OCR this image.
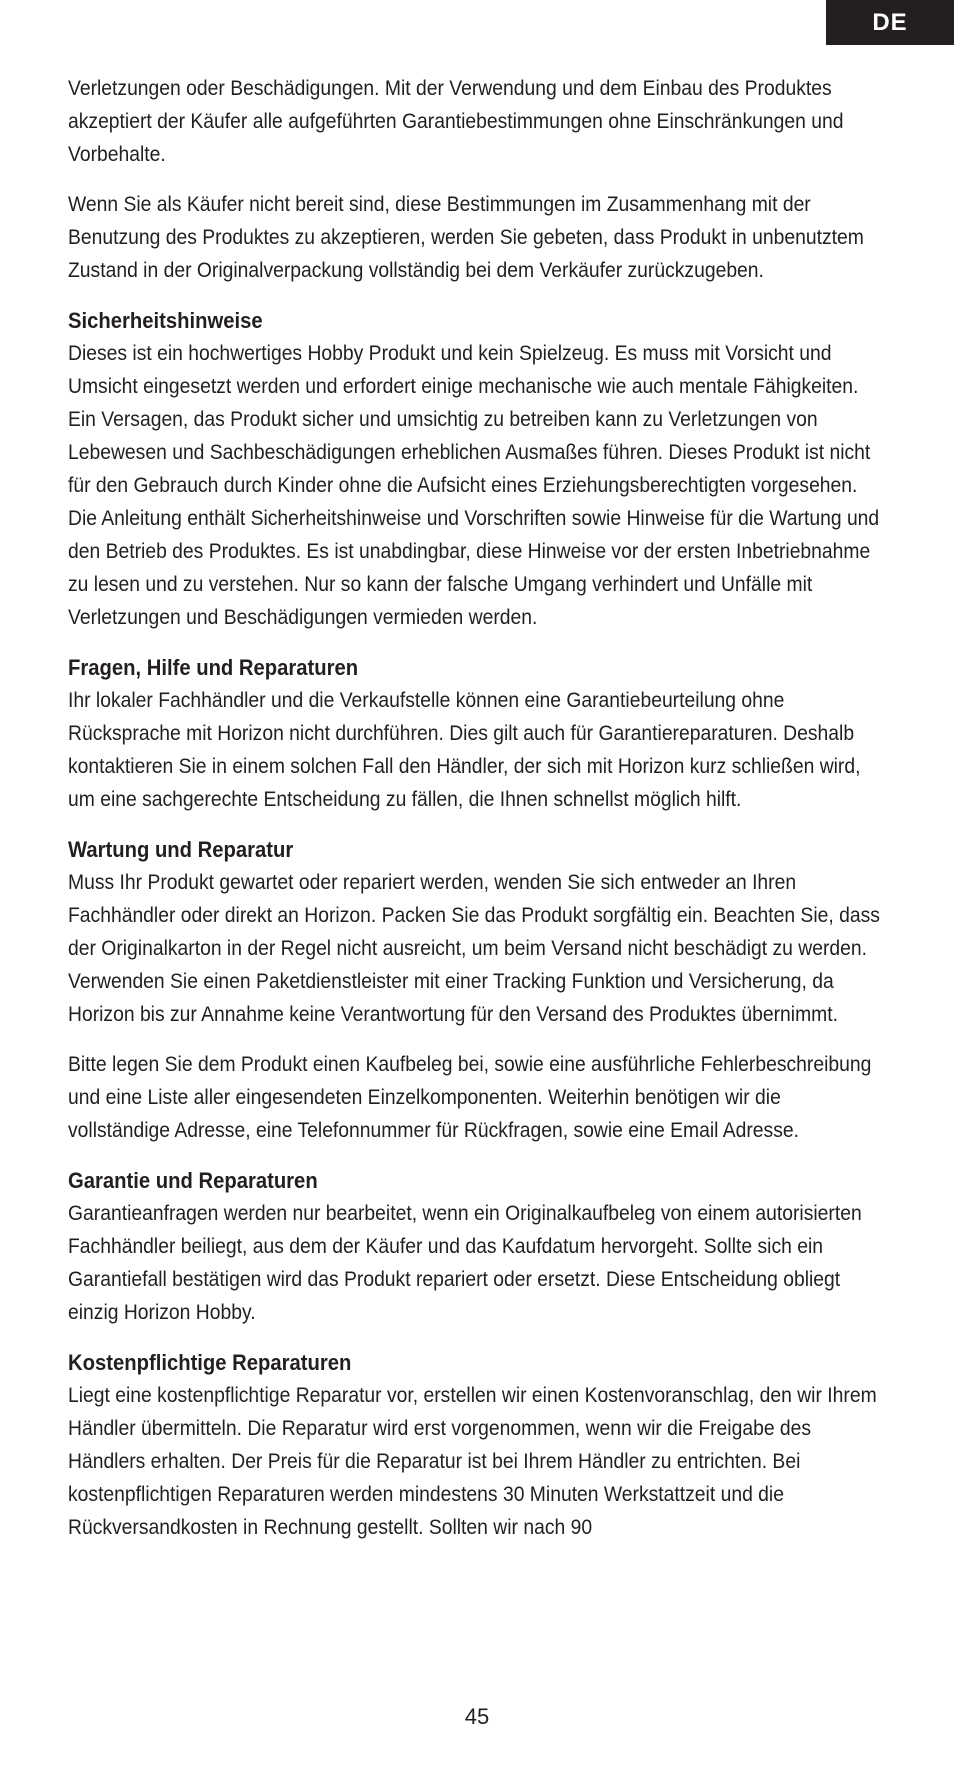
DE

Verletzungen oder Beschädigungen. Mit der Verwendung und dem Einbau des Produktes akzeptiert der Käufer alle aufgeführten Garantiebestimmungen ohne Einschränkungen und Vorbehalte.

Wenn Sie als Käufer nicht bereit sind, diese Bestimmungen im Zusammenhang mit der Benutzung des Produktes zu akzeptieren, werden Sie gebeten, dass Produkt in unbenutztem Zustand in der Originalverpackung vollständig bei dem Verkäufer zurückzugeben.

Sicherheitshinweise

Dieses ist ein hochwertiges Hobby Produkt und kein Spielzeug. Es muss mit Vorsicht und Umsicht eingesetzt werden und erfordert einige mechanische wie auch mentale Fähigkeiten. Ein Versagen, das Produkt sicher und umsichtig zu betreiben kann zu Verletzungen von Lebewesen und Sachbeschädigungen erheblichen Ausmaßes führen. Dieses Produkt ist nicht für den Gebrauch durch Kinder ohne die Aufsicht eines Erziehungsberechtigten vorgesehen. Die Anleitung enthält Sicherheitshinweise und Vorschriften sowie Hinweise für die Wartung und den Betrieb des Produktes. Es ist unabdingbar, diese Hinweise vor der ersten Inbetriebnahme zu lesen und zu verstehen. Nur so kann der falsche Umgang verhindert und Unfälle mit Verletzungen und Beschädigungen vermieden werden.

Fragen, Hilfe und Reparaturen

Ihr lokaler Fachhändler und die Verkaufstelle können eine Garantiebeurteilung ohne Rücksprache mit Horizon nicht durchführen. Dies gilt auch für Garantiereparaturen. Deshalb kontaktieren Sie in einem solchen Fall den Händler, der sich mit Horizon kurz schließen wird, um eine sachgerechte Entscheidung zu fällen, die Ihnen schnellst möglich hilft.

Wartung und Reparatur

Muss Ihr Produkt gewartet oder repariert werden, wenden Sie sich entweder an Ihren Fachhändler oder direkt an Horizon. Packen Sie das Produkt sorgfältig ein. Beachten Sie, dass der Originalkarton in der Regel nicht ausreicht, um beim Versand nicht beschädigt zu werden. Verwenden Sie einen Paketdienstleister mit einer Tracking Funktion und Versicherung, da Horizon bis zur Annahme keine Verantwortung für den Versand des Produktes übernimmt.

Bitte legen Sie dem Produkt einen Kaufbeleg bei, sowie eine ausführliche Fehlerbeschreibung und eine Liste aller eingesendeten Einzelkomponenten. Weiterhin benötigen wir die vollständige Adresse, eine Telefonnummer für Rückfragen, sowie eine Email Adresse.

Garantie und Reparaturen

Garantieanfragen werden nur bearbeitet, wenn ein Originalkaufbeleg von einem autorisierten Fachhändler beiliegt, aus dem der Käufer und das Kaufdatum hervorgeht. Sollte sich ein Garantiefall bestätigen wird das Produkt repariert oder ersetzt. Diese Entscheidung obliegt einzig Horizon Hobby.

Kostenpflichtige Reparaturen

Liegt eine kostenpflichtige Reparatur vor, erstellen wir einen Kostenvoranschlag, den wir Ihrem Händler übermitteln. Die Reparatur wird erst vorgenommen, wenn wir die Freigabe des Händlers erhalten. Der Preis für die Reparatur ist bei Ihrem Händler zu entrichten. Bei kostenpflichtigen Reparaturen werden mindestens 30 Minuten Werkstattzeit und die Rückversandkosten in Rechnung gestellt. Sollten wir nach 90

45
